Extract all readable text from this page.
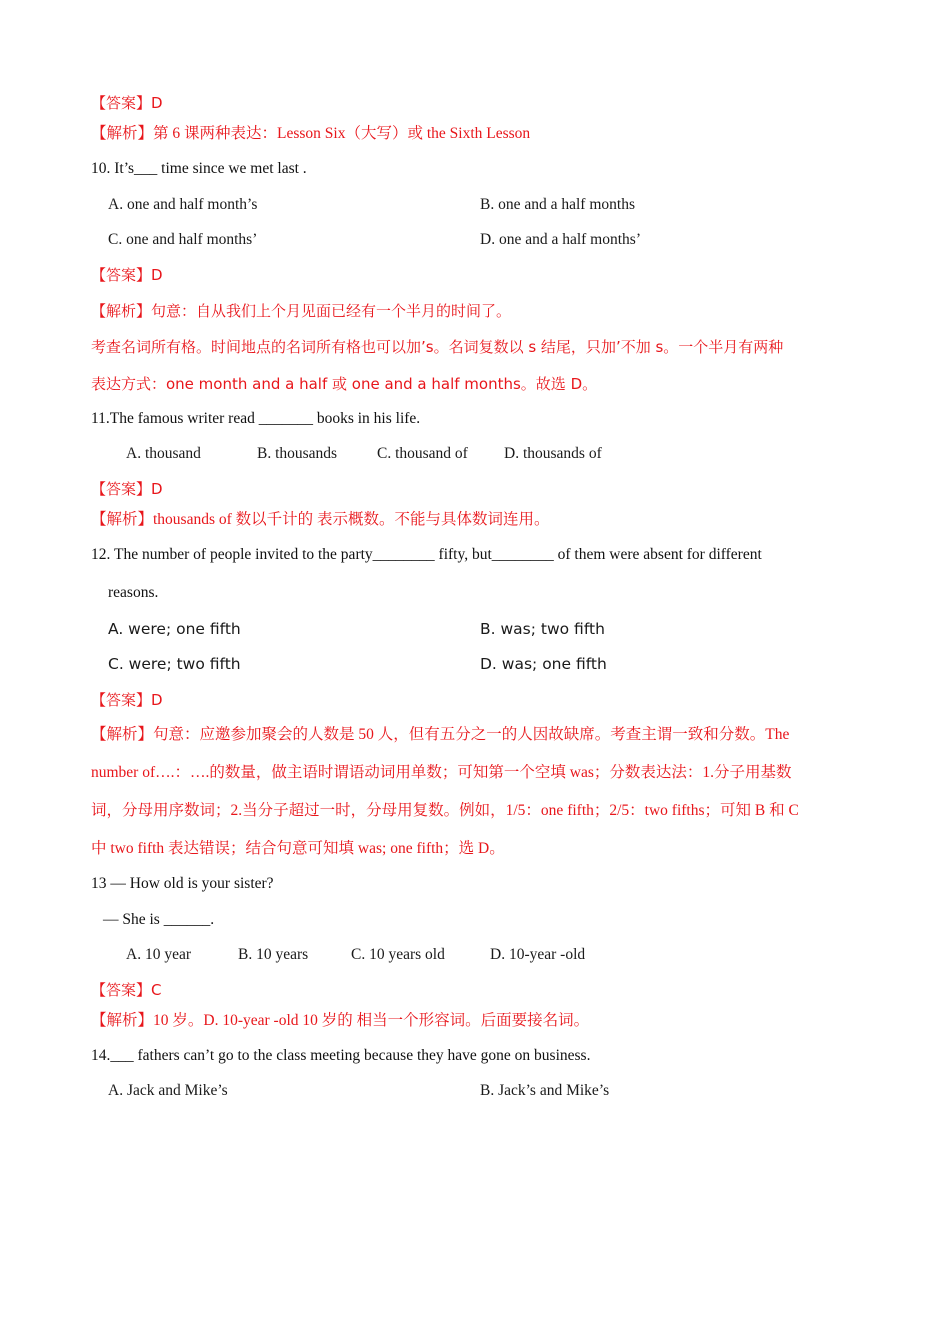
【答案】D
【解析】第 6 课两种表达：Lesson Six（大写）或 the Sixth Lesson
10. It’s___ time since we met last .
A. one and half month’s	B. one and a half months
C. one and half months’	D. one and a half months’
【答案】D
【解析】句意：自从我们上个月见面已经有一个半月的时间了。
考查名词所有格。时间地点的名词所有格也可以加’s。名词复数以 s 结尾，只加’不加 s。一个半月有两种
表达方式：one month and a half 或 one and a half months。故选 D。
11.The famous writer read _______ books in his life.
A. thousand	B. thousands	C. thousand of D. thousands of
【答案】D
【解析】thousands of 数以千计的 表示概数。不能与具体数词连用。
12. The number of people invited to the party________ fifty, but________ of them were absent for different
reasons.
A. were; one fifth	B. was; two fifth
C. were; two fifth	D. was; one fifth
【答案】D
【解析】句意：应邀参加聚会的人数是 50 人，但有五分之一的人因故缺席。考查主谓一致和分数。The
number of….：….的数量，做主语时谓语动词用单数；可知第一个空填 was；分数表达法：1.分子用基数
词，分母用序数词；2.当分子超过一时，分母用复数。例如，1/5：one fifth；2/5：two fifths；可知 B 和 C
中 two fifth 表达错误；结合句意可知填 was; one fifth；选 D。
13 — How old is your sister?
— She is ______.
A. 10 year	B. 10 years	C. 10 years old	D. 10-year -old
【答案】C
【解析】10 岁。D. 10-year -old 10 岁的 相当一个形容词。后面要接名词。
14.___ fathers can’t go to the class meeting because they have gone on business.
A. Jack and Mike’s	B. Jack’s and Mike’s
